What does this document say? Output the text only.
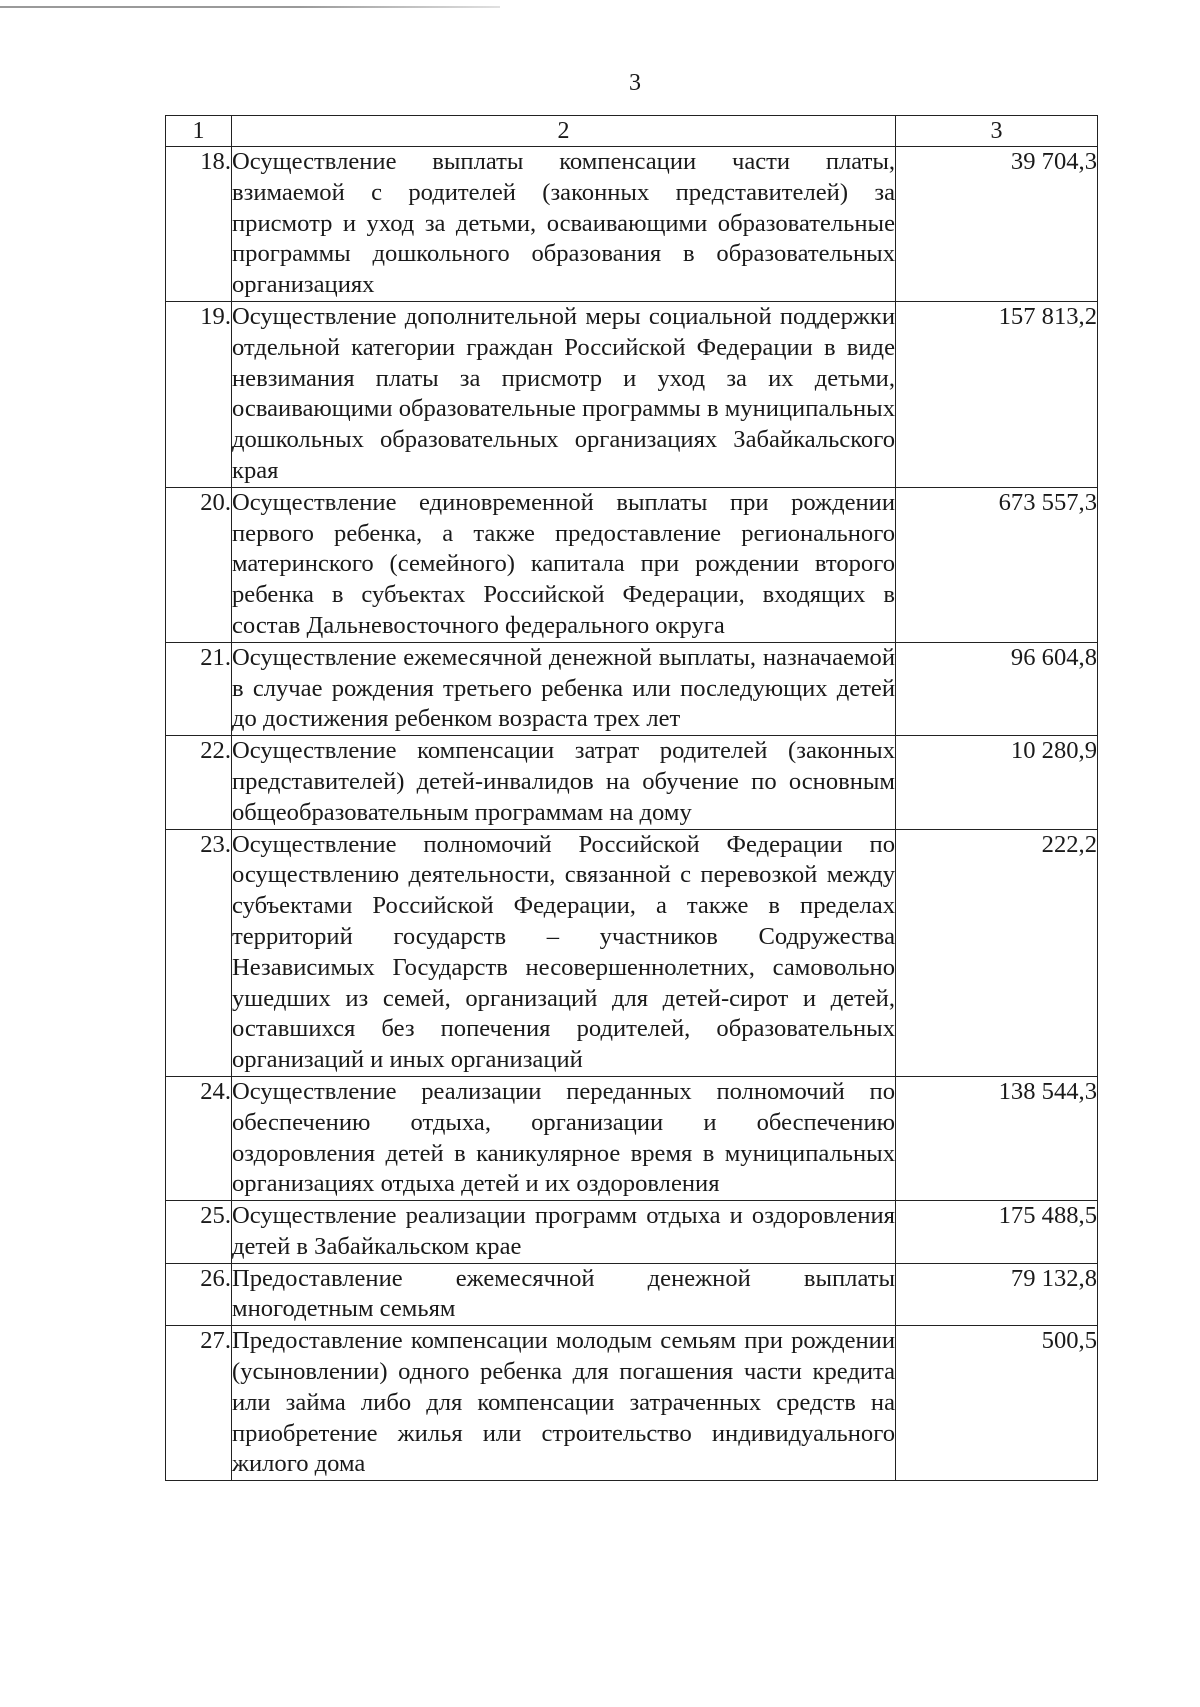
3
1	2	3
18.	Осуществление выплаты компенсации части платы, взимаемой с родителей (законных представителей) за присмотр и уход за детьми, осваивающими образовательные программы дошкольного образования в образовательных организациях	39 704,3
19.	Осуществление дополнительной меры социальной поддержки отдельной категории граждан Российской Федерации в виде невзимания платы за присмотр и уход за их детьми, осваивающими образовательные программы в муниципальных дошкольных образовательных организациях Забайкальского края	157 813,2
20.	Осуществление единовременной выплаты при рождении первого ребенка, а также предоставление регионального материнского (семейного) капитала при рождении второго ребенка в субъектах Российской Федерации, входящих в состав Дальневосточного федерального округа	673 557,3
21.	Осуществление ежемесячной денежной выплаты, назначаемой в случае рождения третьего ребенка или последующих детей до достижения ребенком возраста трех лет	96 604,8
22.	Осуществление компенсации затрат родителей (законных представителей) детей-инвалидов на обучение по основным общеобразовательным программам на дому	10 280,9
23.	Осуществление полномочий Российской Федерации по осуществлению деятельности, связанной с перевозкой между субъектами Российской Федерации, а также в пределах территорий государств – участников Содружества Независимых Государств несовершеннолетних, самовольно ушедших из семей, организаций для детей-сирот и детей, оставшихся без попечения родителей, образовательных организаций и иных организаций	222,2
24.	Осуществление реализации переданных полномочий по обеспечению отдыха, организации и обеспечению оздоровления детей в каникулярное время в муниципальных организациях отдыха детей и их оздоровления	138 544,3
25.	Осуществление реализации программ отдыха и оздоровления детей в Забайкальском крае	175 488,5
26.	Предоставление ежемесячной денежной выплаты многодетным семьям	79 132,8
27.	Предоставление компенсации молодым семьям при рождении (усыновлении) одного ребенка для погашения части кредита или займа либо для компенсации затраченных средств на приобретение жилья или строительство индивидуального жилого дома	500,5
